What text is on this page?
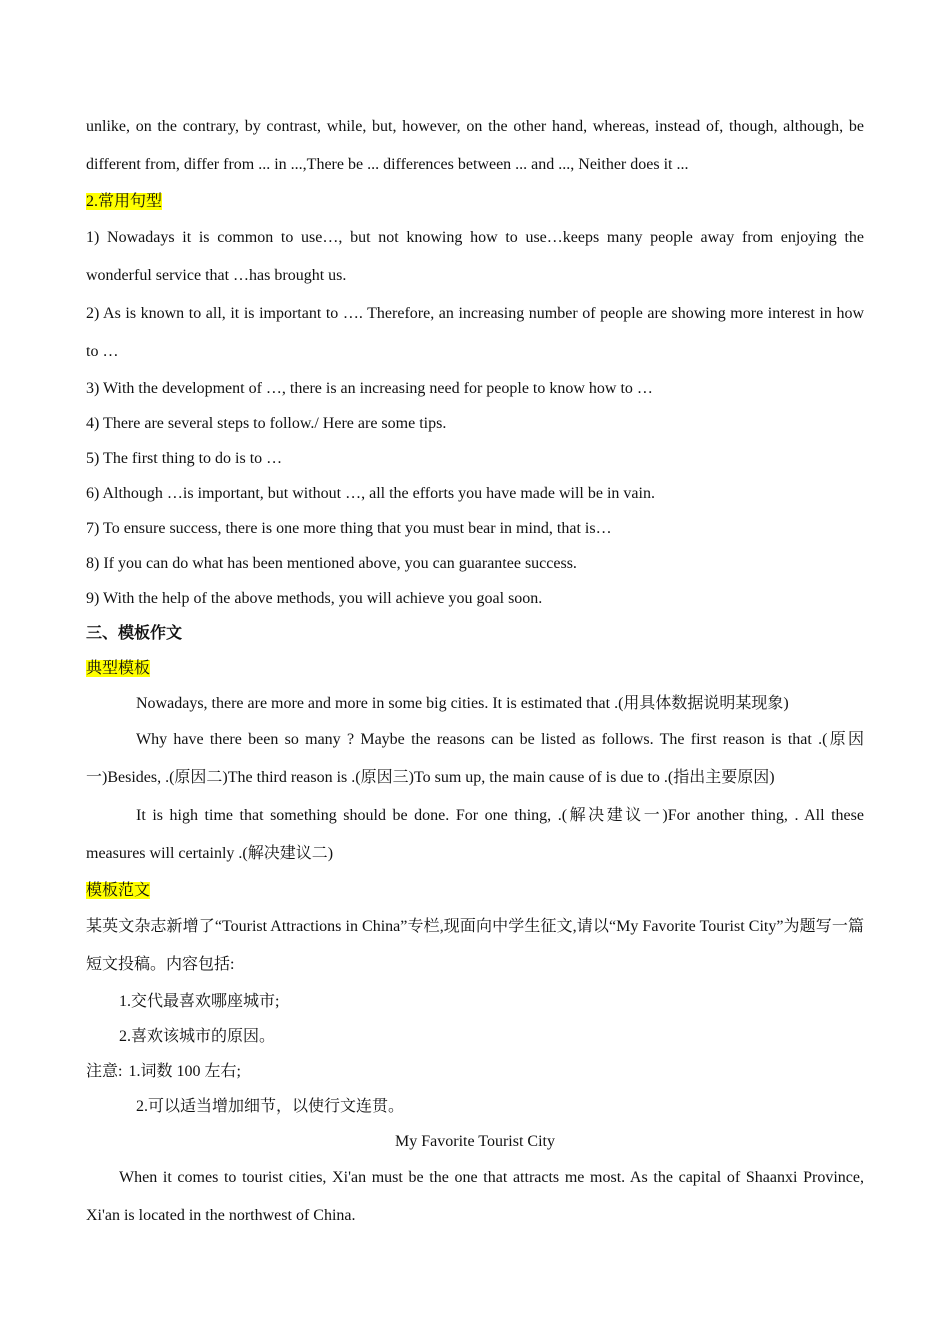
unlike, on the contrary, by contrast, while, but, however, on the other hand, whereas, instead of, though, although, be different from, differ from ... in ...,There be ... differences between ... and ..., Neither does it ...

2.常用句型

1) Nowadays it is common to use…, but not knowing how to use…keeps many people away from enjoying the wonderful service that …has brought us.

2) As is known to all, it is important to …. Therefore, an increasing number of people are showing more interest in how to …

3) With the development of …, there is an increasing need for people to know how to …

4) There are several steps to follow./ Here are some tips.

5) The first thing to do is to …

6) Although …is important, but without …, all the efforts you have made will be in vain.

7) To ensure success, there is one more thing that you must bear in mind, that is…

8) If you can do what has been mentioned above, you can guarantee success.

9) With the help of the above methods, you will achieve you goal soon.

三、模板作文

典型模板

Nowadays, there are more and more in some big cities. It is estimated that .(用具体数据说明某现象)

Why have there been so many ? Maybe the reasons can be listed as follows. The first reason is that .(原因一)Besides, .(原因二)The third reason is .(原因三)To sum up, the main cause of is due to .(指出主要原因)

It is high time that something should be done. For one thing, .(解决建议一)For another thing, . All these measures will certainly .(解决建议二)

模板范文

某英文杂志新增了“Tourist Attractions in China”专栏,现面向中学生征文,请以“My Favorite Tourist City”为题写一篇短文投稿。内容包括:

1.交代最喜欢哪座城市;

2.喜欢该城市的原因。

注意: 1.词数 100 左右;

2.可以适当增加细节，以使行文连贯。

My Favorite Tourist City

When it comes to tourist cities, Xi'an must be the one that attracts me most. As the capital of Shaanxi Province, Xi'an is located in the northwest of China.
